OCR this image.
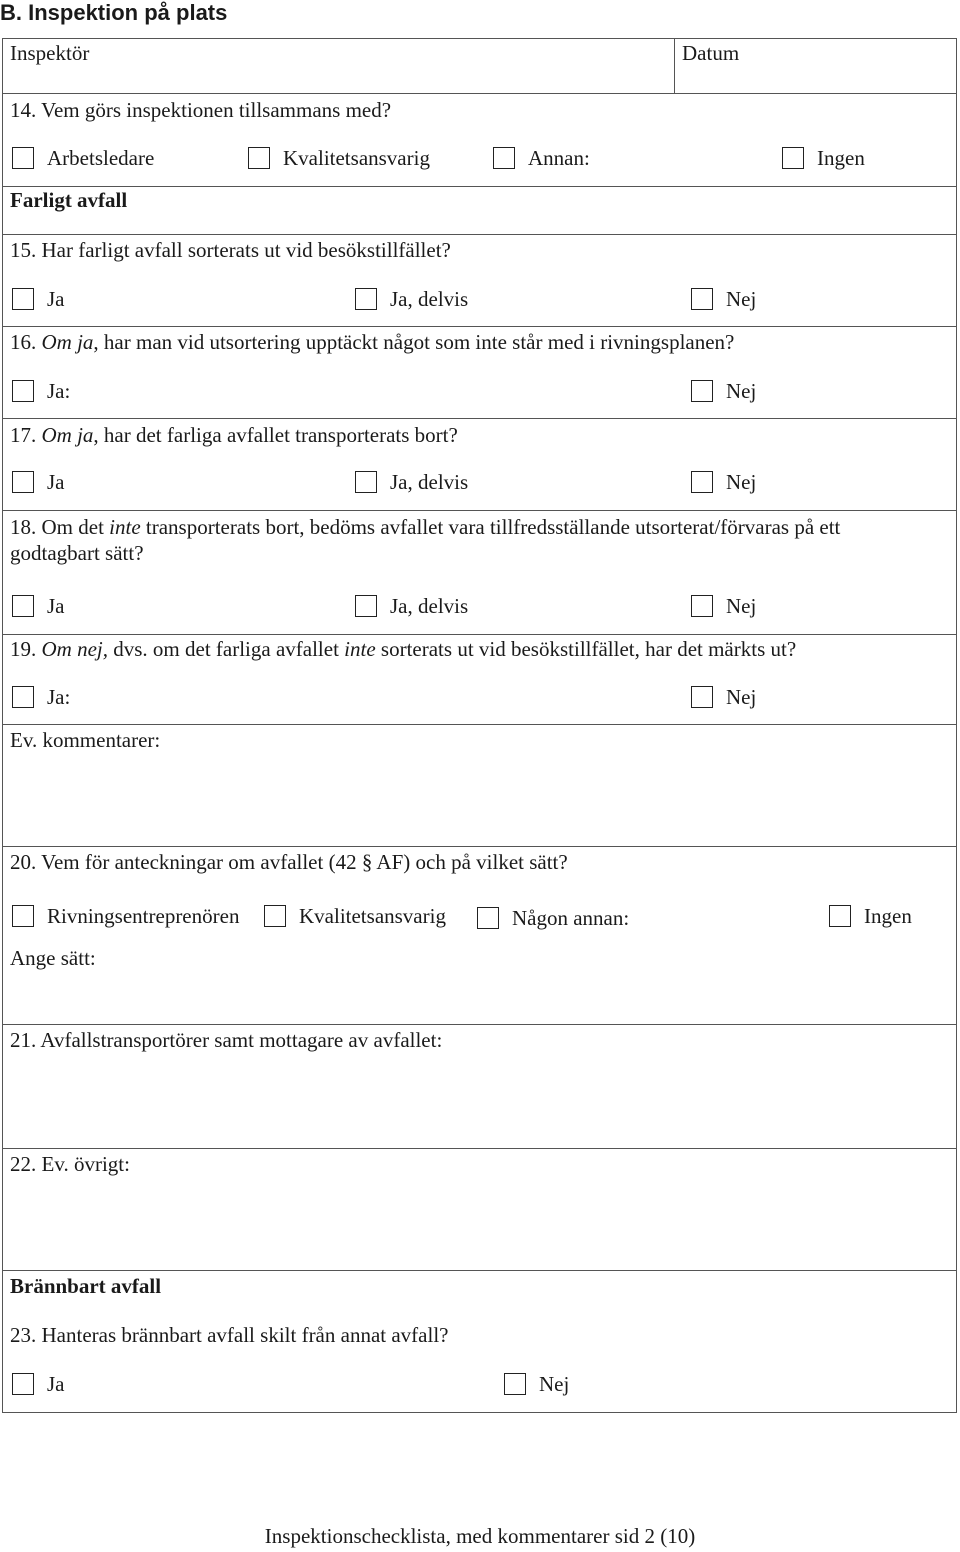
B. Inspektion på plats
Inspektör	Datum
14. Vem görs inspektionen tillsammans med?
Arbetsledare	Kvalitetsansvarig	Annan:	Ingen
Farligt avfall
15. Har farligt avfall sorterats ut vid besökstillfället?
Ja	Ja, delvis	Nej
16. Om ja, har man vid utsortering upptäckt något som inte står med i rivningsplanen?
Ja:	Nej
17. Om ja, har det farliga avfallet transporterats bort?
Ja	Ja, delvis	Nej
18. Om det inte transporterats bort, bedöms avfallet vara tillfredsställande utsorterat/förvaras på ett
godtagbart sätt?
Ja	Ja, delvis	Nej
19. Om nej, dvs. om det farliga avfallet inte sorterats ut vid besökstillfället, har det märkts ut?
Ja:	Nej
Ev. kommentarer:
20. Vem för anteckningar om avfallet (42 § AF) och på vilket sätt?
Rivningsentreprenören	Kvalitetsansvarig	Någon annan:	Ingen
Ange sätt:
21. Avfallstransportörer samt mottagare av avfallet:
22. Ev. övrigt:
Brännbart avfall
23. Hanteras brännbart avfall skilt från annat avfall?
Ja	Nej
Inspektionschecklista, med kommentarer sid 2 (10)
